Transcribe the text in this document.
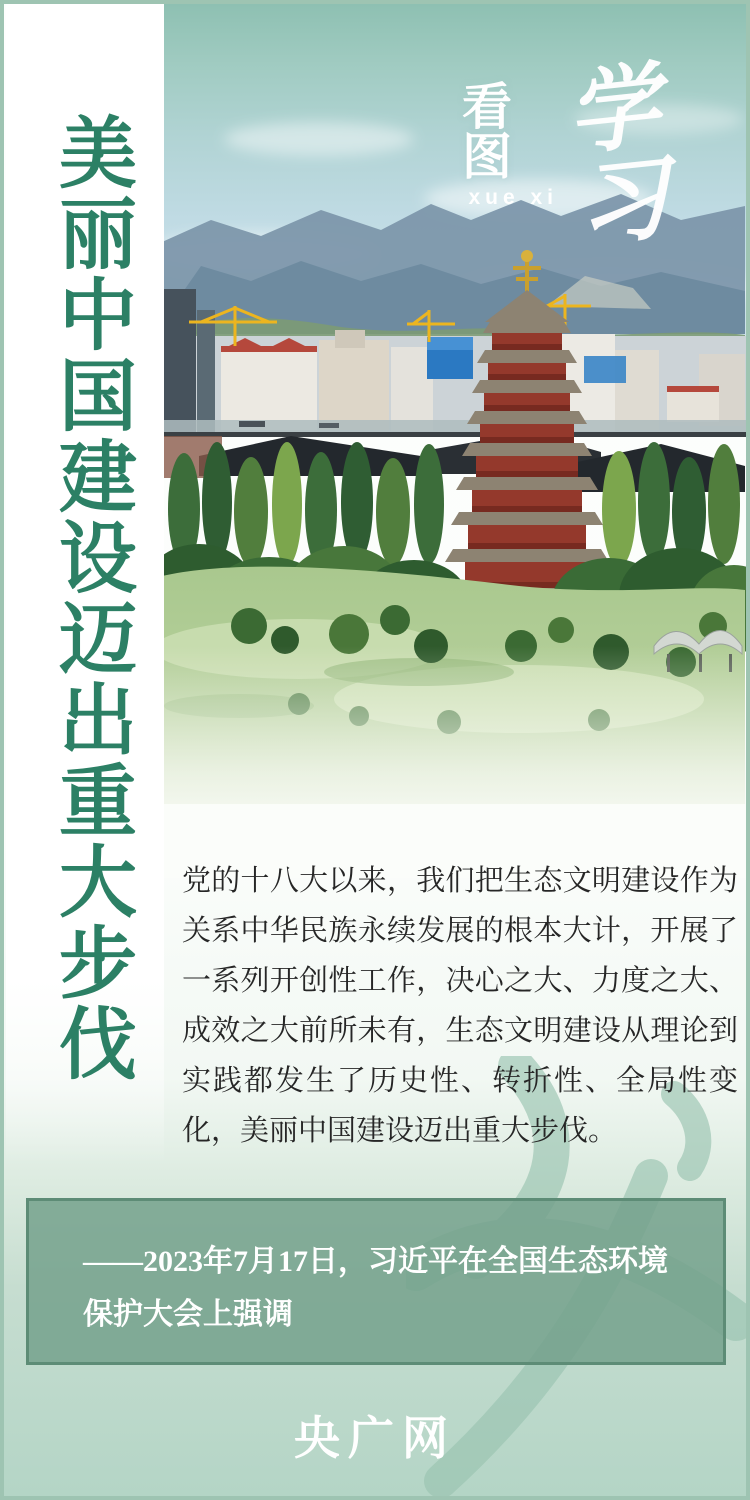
看图
xue xi
学习
美丽中国建设迈出重大步伐 党的十八大以来，我们把生态文明建设作为关系中华民族永续发展的根本大计，开展了一系列开创性工作，决心之大、力度之大、成效之大前所未有，生态文明建设从理论到实践都发生了历史性、转折性、全局性变化，美丽中国建设迈出重大步伐。

——2023年7月17日，习近平在全国生态环境保护大会上强调

央广网
